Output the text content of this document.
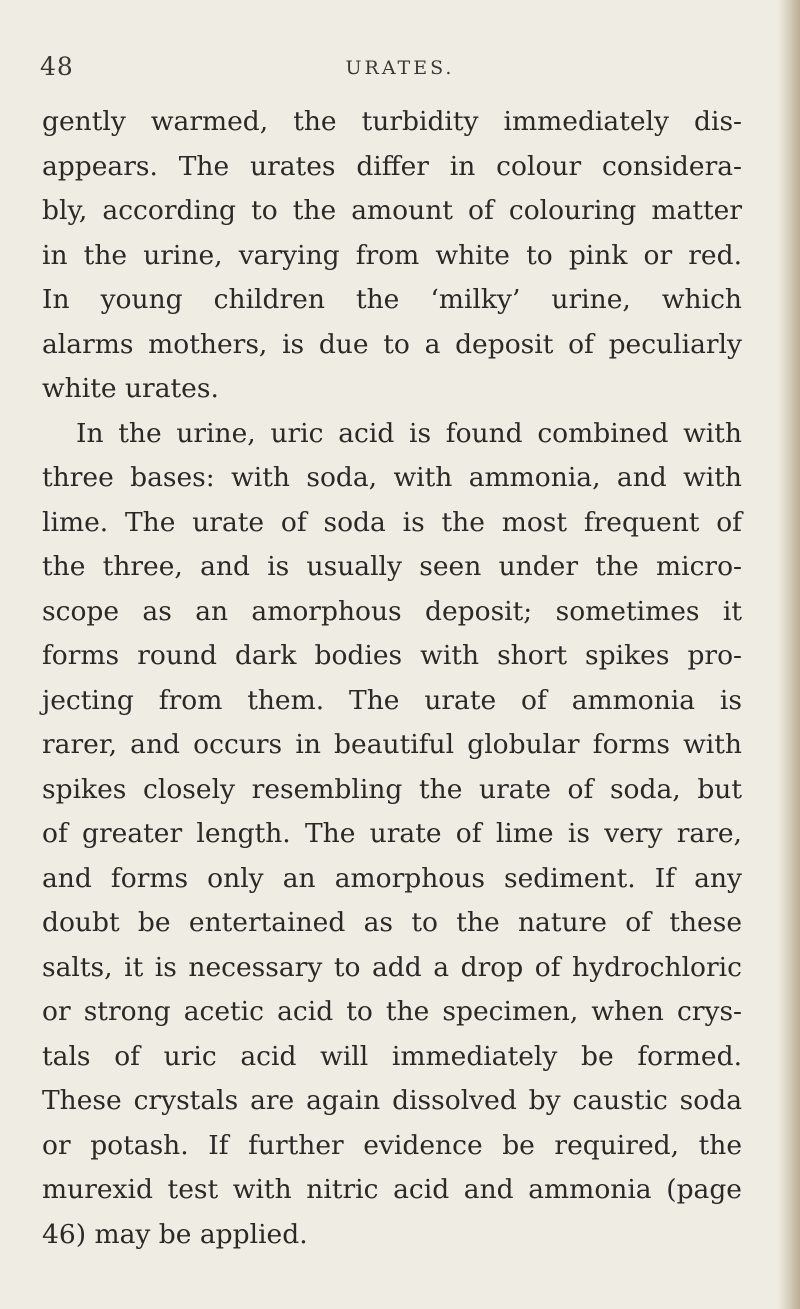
48	URATES.
gently warmed, the turbidity immediately dis-
appears. The urates differ in colour considera-
bly, according to the amount of colouring matter
in the urine, varying from white to pink or red.
In young children the ‘milky’ urine, which
alarms mothers, is due to a deposit of peculiarly
white urates.
In the urine, uric acid is found combined with
three bases: with soda, with ammonia, and with
lime. The urate of soda is the most frequent of
the three, and is usually seen under the micro-
scope as an amorphous deposit; sometimes it
forms round dark bodies with short spikes pro-
jecting from them. The urate of ammonia is
rarer, and occurs in beautiful globular forms with
spikes closely resembling the urate of soda, but
of greater length. The urate of lime is very rare,
and forms only an amorphous sediment. If any
doubt be entertained as to the nature of these
salts, it is necessary to add a drop of hydrochloric
or strong acetic acid to the specimen, when crys-
tals of uric acid will immediately be formed.
These crystals are again dissolved by caustic soda
or potash. If further evidence be required, the
murexid test with nitric acid and ammonia (page
46) may be applied.
